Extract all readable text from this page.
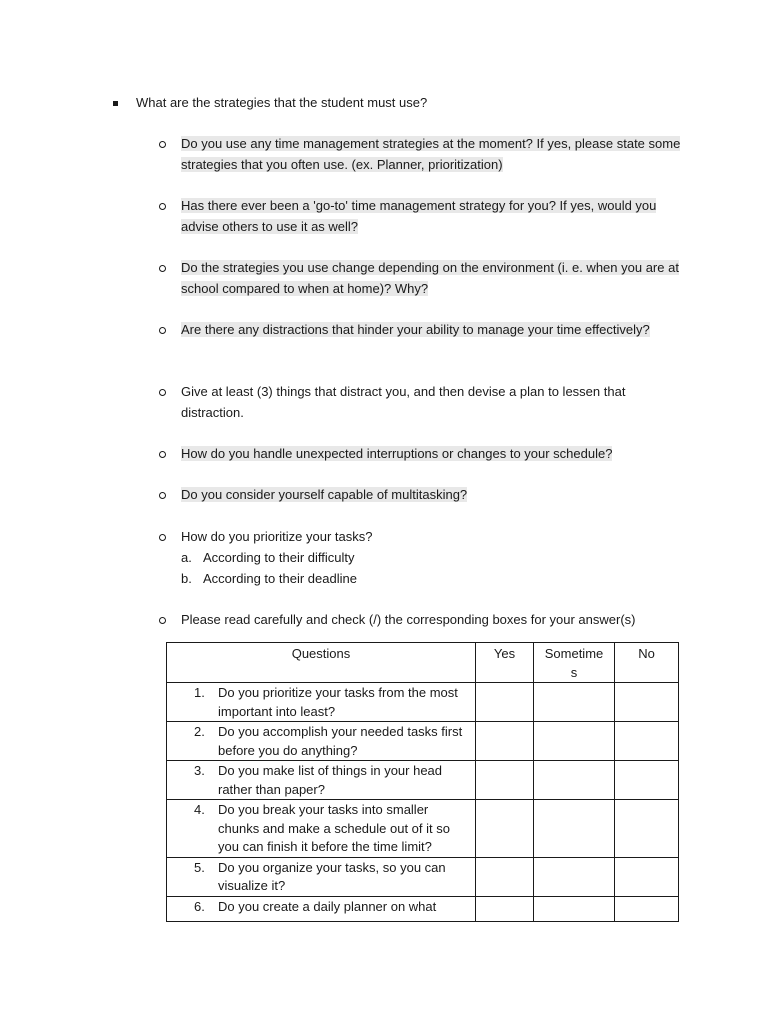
What are the strategies that the student must use?
Do you use any time management strategies at the moment? If yes, please state some strategies that you often use. (ex. Planner, prioritization)
Has there ever been a 'go-to' time management strategy for you? If yes, would you advise others to use it as well?
Do the strategies you use change depending on the environment (i. e. when you are at school compared to when at home)? Why?
Are there any distractions that hinder your ability to manage your time effectively?
Give at least (3) things that distract you, and then devise a plan to lessen that distraction.
How do you handle unexpected interruptions or changes to your schedule?
Do you consider yourself capable of multitasking?
How do you prioritize your tasks?
a. According to their difficulty
b. According to their deadline
Please read carefully and check (/) the corresponding boxes for your answer(s)
Questions	Yes	Sometimes	No

1. Do you prioritize your tasks from the most important into least?			

2. Do you accomplish your needed tasks first before you do anything?			

3. Do you make list of things in your head rather than paper?			

4. Do you break your tasks into smaller chunks and make a schedule out of it so you can finish it before the time limit?			

5. Do you organize your tasks, so you can visualize it?			

6. Do you create a daily planner on what			
